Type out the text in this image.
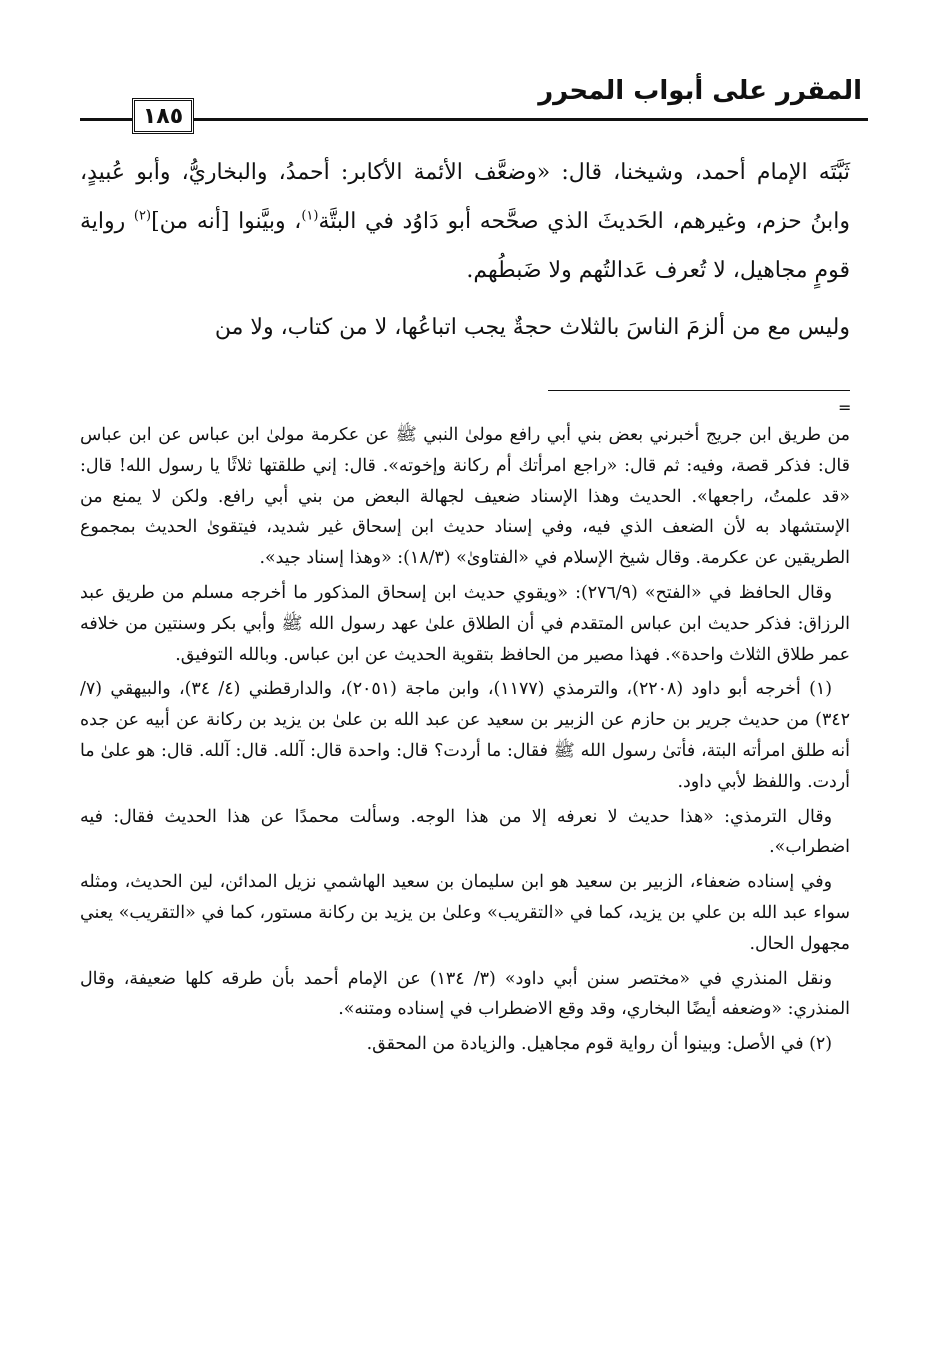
١٨٥
المقرر على أبواب المحرر

ثَبَّتَه الإمام أحمد، وشيخنا، قال: «وضعَّف الأئمة الأكابر: أحمدُ، والبخاريُّ، وأبو عُبيدٍ، وابنُ حزم، وغيرهم، الحَديثَ الذي صحَّحه أبو دَاوُد في البتَّة$^{(١)}$، وبيَّنوا [أنه من]$^{(٢)}$ رواية قومٍ مجاهيل، لا تُعرف عَدالتُهم ولا ضَبطُهم.

وليس مع من ألزمَ الناسَ بالثلاث حجةٌ يجب اتباعُها، لا من كتاب، ولا من

=

من طريق ابن جريج أخبرني بعض بني أبي رافع مولىٰ النبي ﷺ عن عكرمة مولىٰ ابن عباس عن ابن عباس قال: فذكر قصة، وفيه: ثم قال: «راجع امرأتك أم ركانة وإخوته». قال: إني طلقتها ثلاثًا يا رسول الله! قال: «قد علمتُ، راجعها». الحديث وهذا الإسناد ضعيف لجهالة البعض من بني أبي رافع. ولكن لا يمنع من الإستشهاد به لأن الضعف الذي فيه، وفي إسناد حديث ابن إسحاق غير شديد، فيتقوىٰ الحديث بمجموع الطريقين عن عكرمة. وقال شيخ الإسلام في «الفتاوىٰ» (١٨/٣): «وهذا إسناد جيد».

وقال الحافظ في «الفتح» (٢٧٦/٩): «ويقوي حديث ابن إسحاق المذكور ما أخرجه مسلم من طريق عبد الرزاق: فذكر حديث ابن عباس المتقدم في أن الطلاق علىٰ عهد رسول الله ﷺ وأبي بكر وسنتين من خلافه عمر طلاق الثلاث واحدة». فهذا مصير من الحافظ بتقوية الحديث عن ابن عباس. وبالله التوفيق.

(١) أخرجه أبو داود (٢٢٠٨)، والترمذي (١١٧٧)، وابن ماجة (٢٠٥١)، والدارقطني (٤/ ٣٤)، والبيهقي (٧/ ٣٤٢) من حديث جرير بن حازم عن الزبير بن سعيد عن عبد الله بن علىٰ بن يزيد بن ركانة عن أبيه عن جده أنه طلق امرأته البتة، فأتىٰ رسول الله ﷺ فقال: ما أردت؟ قال: واحدة قال: آلله. قال: آلله. قال: هو علىٰ ما أردت. واللفظ لأبي داود.

وقال الترمذي: «هذا حديث لا نعرفه إلا من هذا الوجه. وسألت محمدًا عن هذا الحديث فقال: فيه اضطراب».

وفي إسناده ضعفاء، الزبير بن سعيد هو ابن سليمان بن سعيد الهاشمي نزيل المدائن، لين الحديث، ومثله سواء عبد الله بن علي بن يزيد، كما في «التقريب» وعلىٰ بن يزيد بن ركانة مستور، كما في «التقريب» يعني مجهول الحال.

ونقل المنذري في «مختصر سنن أبي داود» (٣/ ١٣٤) عن الإمام أحمد بأن طرقه كلها ضعيفة، وقال المنذري: «وضعفه أيضًا البخاري، وقد وقع الاضطراب في إسناده ومتنه».

(٢) في الأصل: وبينوا أن رواية قوم مجاهيل. والزيادة من المحقق.
